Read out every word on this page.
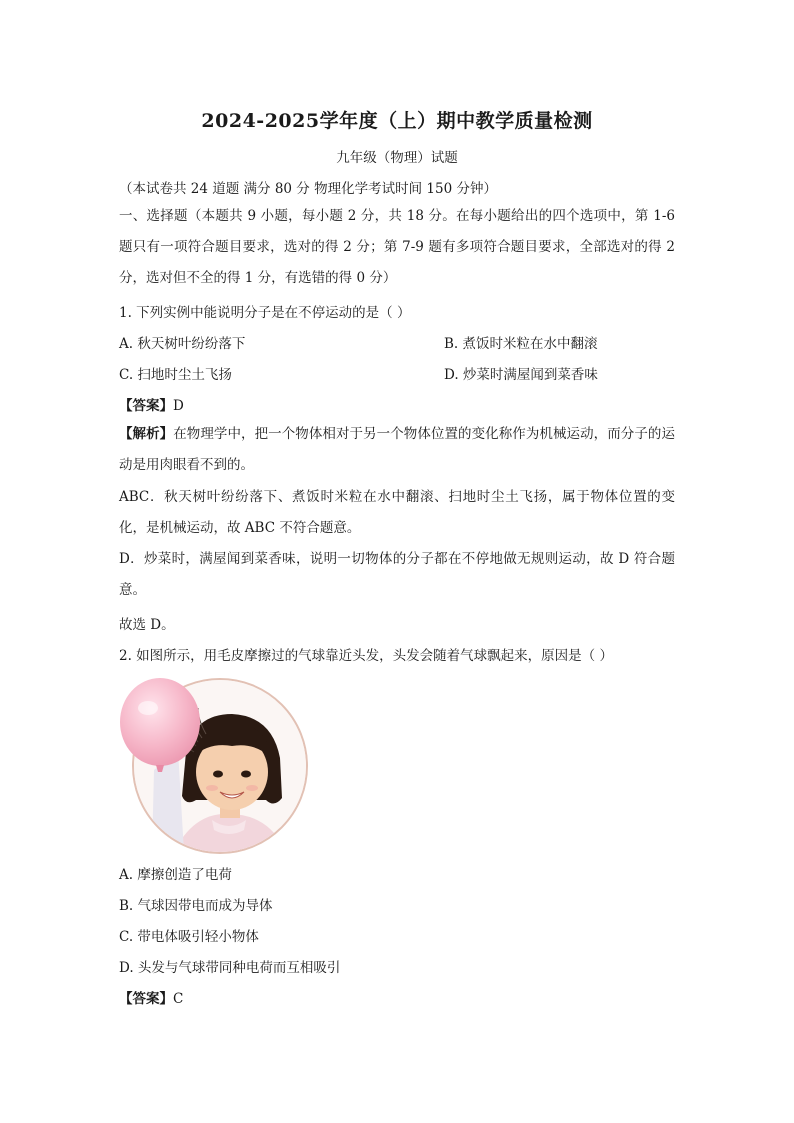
2024-2025学年度（上）期中教学质量检测
九年级（物理）试题
（本试卷共 24 道题 满分 80 分 物理化学考试时间 150 分钟）
一、选择题（本题共 9 小题，每小题 2 分，共 18 分。在每小题给出的四个选项中，第 1-6 题只有一项符合题目要求，选对的得 2 分；第 7-9 题有多项符合题目要求，全部选对的得 2 分，选对但不全的得 1 分，有选错的得 0 分）
1. 下列实例中能说明分子是在不停运动的是（ ）
A. 秋天树叶纷纷落下	B. 煮饭时米粒在水中翻滚
C. 扫地时尘土飞扬	D. 炒菜时满屋闻到菜香味
【答案】D
【解析】在物理学中，把一个物体相对于另一个物体位置的变化称作为机械运动，而分子的运动是用肉眼看不到的。
ABC．秋天树叶纷纷落下、煮饭时米粒在水中翻滚、扫地时尘土飞扬，属于物体位置的变化，是机械运动，故 ABC 不符合题意。
D．炒菜时，满屋闻到菜香味，说明一切物体的分子都在不停地做无规则运动，故 D 符合题意。
故选 D。
2. 如图所示，用毛皮摩擦过的气球靠近头发，头发会随着气球飘起来，原因是（ ）
A. 摩擦创造了电荷
B. 气球因带电而成为导体
C. 带电体吸引轻小物体
D. 头发与气球带同种电荷而互相吸引
【答案】C
